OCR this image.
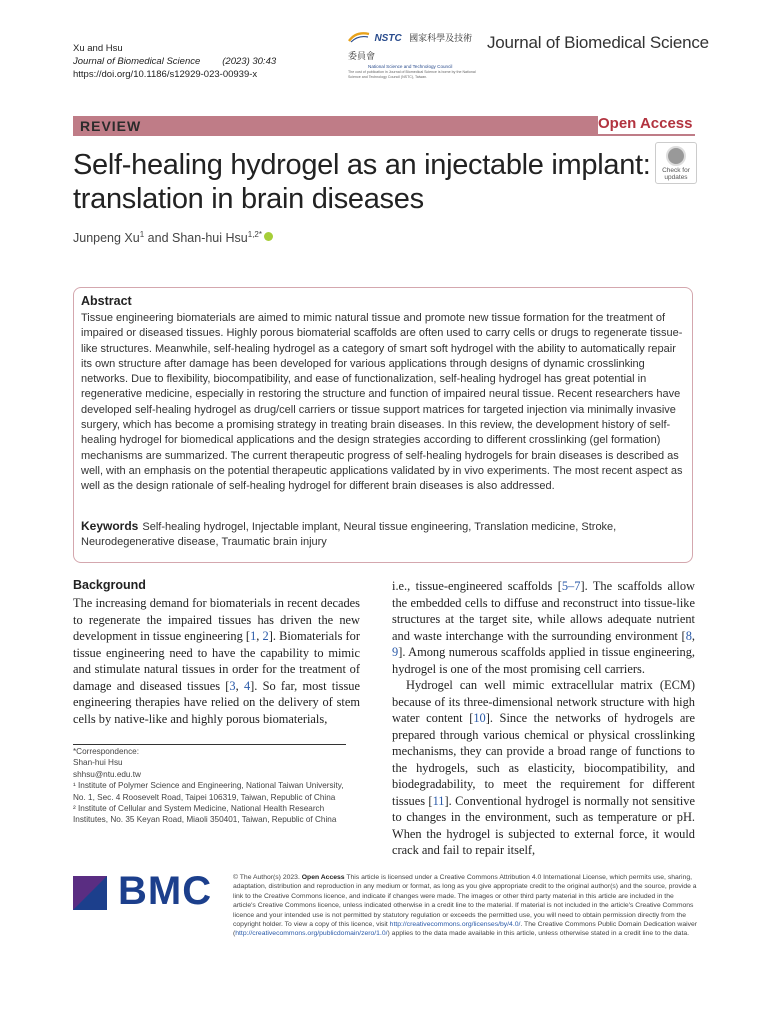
Xu and Hsu
Journal of Biomedical Science (2023) 30:43
https://doi.org/10.1186/s12929-023-00939-x
NSTC 國家科學及技術委員會
National Science and Technology Council
The cost of publication in Journal of Biomedical Science is borne by the National Science and Technology Council (NSTC), Taiwan.
Journal of Biomedical Science
REVIEW	Open Access
Self-healing hydrogel as an injectable implant: translation in brain diseases
Check for
updates
Junpeng Xu$^1$ and Shan-hui Hsu$^{1,2*}$
Abstract
Tissue engineering biomaterials are aimed to mimic natural tissue and promote new tissue formation for the treatment of impaired or diseased tissues. Highly porous biomaterial scaffolds are often used to carry cells or drugs to regenerate tissue-like structures. Meanwhile, self-healing hydrogel as a category of smart soft hydrogel with the ability to automatically repair its own structure after damage has been developed for various applications through designs of dynamic crosslinking networks. Due to flexibility, biocompatibility, and ease of functionalization, self-healing hydrogel has great potential in regenerative medicine, especially in restoring the structure and function of impaired neural tissue. Recent researchers have developed self-healing hydrogel as drug/cell carriers or tissue support matrices for targeted injection via minimally invasive surgery, which has become a promising strategy in treating brain diseases. In this review, the development history of self-healing hydrogel for biomedical applications and the design strategies according to different crosslinking (gel formation) mechanisms are summarized. The current therapeutic progress of self-healing hydrogels for brain diseases is described as well, with an emphasis on the potential therapeutic applications validated by in vivo experiments. The most recent aspect as well as the design rationale of self-healing hydrogel for different brain diseases is also addressed.
Keywords Self-healing hydrogel, Injectable implant, Neural tissue engineering, Translation medicine, Stroke, Neurodegenerative disease, Traumatic brain injury
Background
The increasing demand for biomaterials in recent decades to regenerate the impaired tissues has driven the new development in tissue engineering [1, 2]. Biomaterials for tissue engineering need to have the capability to mimic and stimulate natural tissues in order for the treatment of damage and diseased tissues [3, 4]. So far, most tissue engineering therapies have relied on the delivery of stem cells by native-like and highly porous biomaterials,
i.e., tissue-engineered scaffolds [5–7]. The scaffolds allow the embedded cells to diffuse and reconstruct into tissue-like structures at the target site, while allows adequate nutrient and waste interchange with the surrounding environment [8, 9]. Among numerous scaffolds applied in tissue engineering, hydrogel is one of the most promising cell carriers.
Hydrogel can well mimic extracellular matrix (ECM) because of its three-dimensional network structure with high water content [10]. Since the networks of hydrogels are prepared through various chemical or physical crosslinking mechanisms, they can provide a broad range of functions to the hydrogels, such as elasticity, biocompatibility, and biodegradability, to meet the requirement for different tissues [11]. Conventional hydrogel is normally not sensitive to changes in the environment, such as temperature or pH. When the hydrogel is subjected to external force, it would crack and fail to repair itself,
*Correspondence:
Shan-hui Hsu
shhsu@ntu.edu.tw
¹ Institute of Polymer Science and Engineering, National Taiwan University, No. 1, Sec. 4 Roosevelt Road, Taipei 106319, Taiwan, Republic of China
² Institute of Cellular and System Medicine, National Health Research Institutes, No. 35 Keyan Road, Miaoli 350401, Taiwan, Republic of China
BMC	© The Author(s) 2023. Open Access This article is licensed under a Creative Commons Attribution 4.0 International License, which permits use, sharing, adaptation, distribution and reproduction in any medium or format, as long as you give appropriate credit to the original author(s) and the source, provide a link to the Creative Commons licence, and indicate if changes were made. The images or other third party material in this article are included in the article's Creative Commons licence, unless indicated otherwise in a credit line to the material. If material is not included in the article's Creative Commons licence and your intended use is not permitted by statutory regulation or exceeds the permitted use, you will need to obtain permission directly from the copyright holder. To view a copy of this licence, visit http://creativecommons.org/licenses/by/4.0/. The Creative Commons Public Domain Dedication waiver (http://creativecommons.org/publicdomain/zero/1.0/) applies to the data made available in this article, unless otherwise stated in a credit line to the data.
